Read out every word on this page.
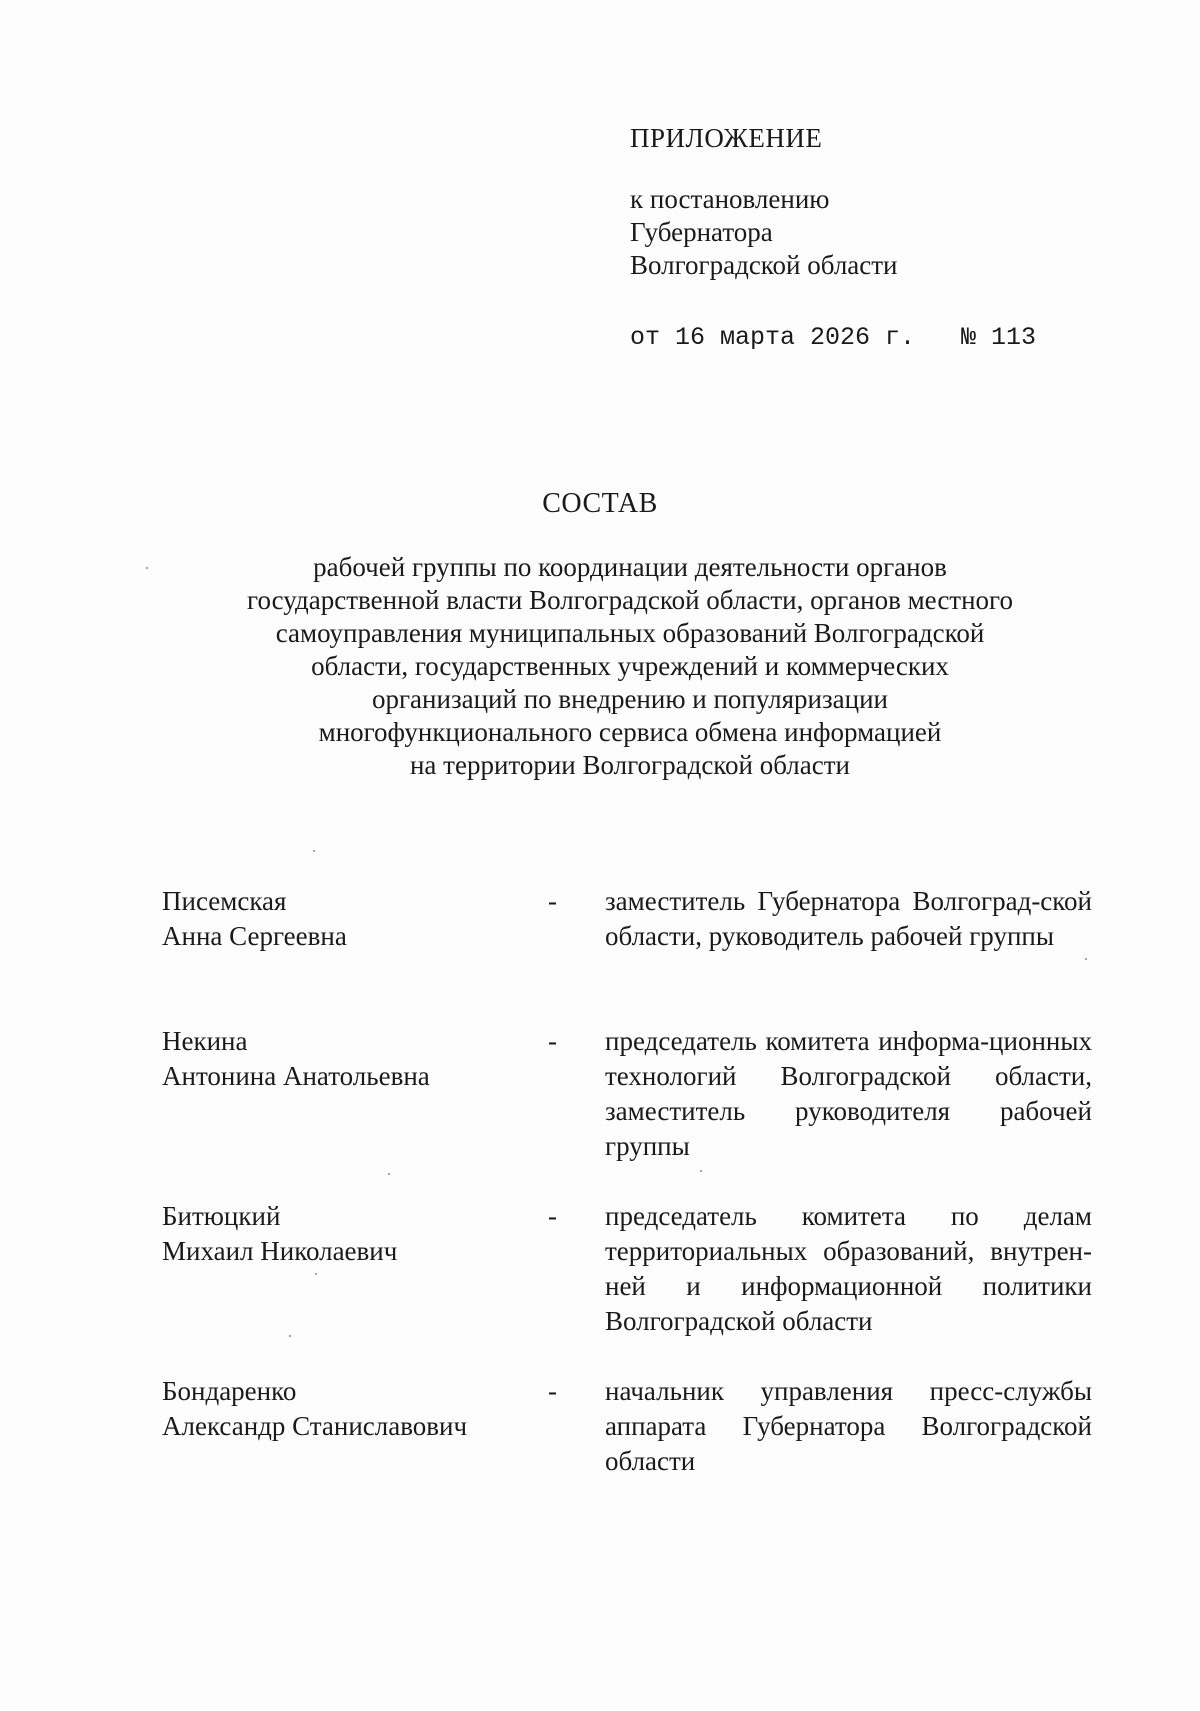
ПРИЛОЖЕНИЕ
к постановлению
Губернатора
Волгоградской области
от 16 марта 2026 г. № 113
СОСТАВ
рабочей группы по координации деятельности органов
государственной власти Волгоградской области, органов местного
самоуправления муниципальных образований Волгоградской
области, государственных учреждений и коммерческих
организаций по внедрению и популяризации
многофункционального сервиса обмена информацией
на территории Волгоградской области
Писемская
Анна Сергеевна
- заместитель Губернатора Волгоград-ской области, руководитель рабочей группы
Некина
Антонина Анатольевна
- председатель комитета информа-ционных технологий Волгоградской области, заместитель руководителя рабочей группы
Битюцкий
Михаил Николаевич
- председатель комитета по делам территориальных образований, внутрен-ней и информационной политики Волгоградской области
Бондаренко
Александр Станиславович
- начальник управления пресс-службы аппарата Губернатора Волгоградской области
